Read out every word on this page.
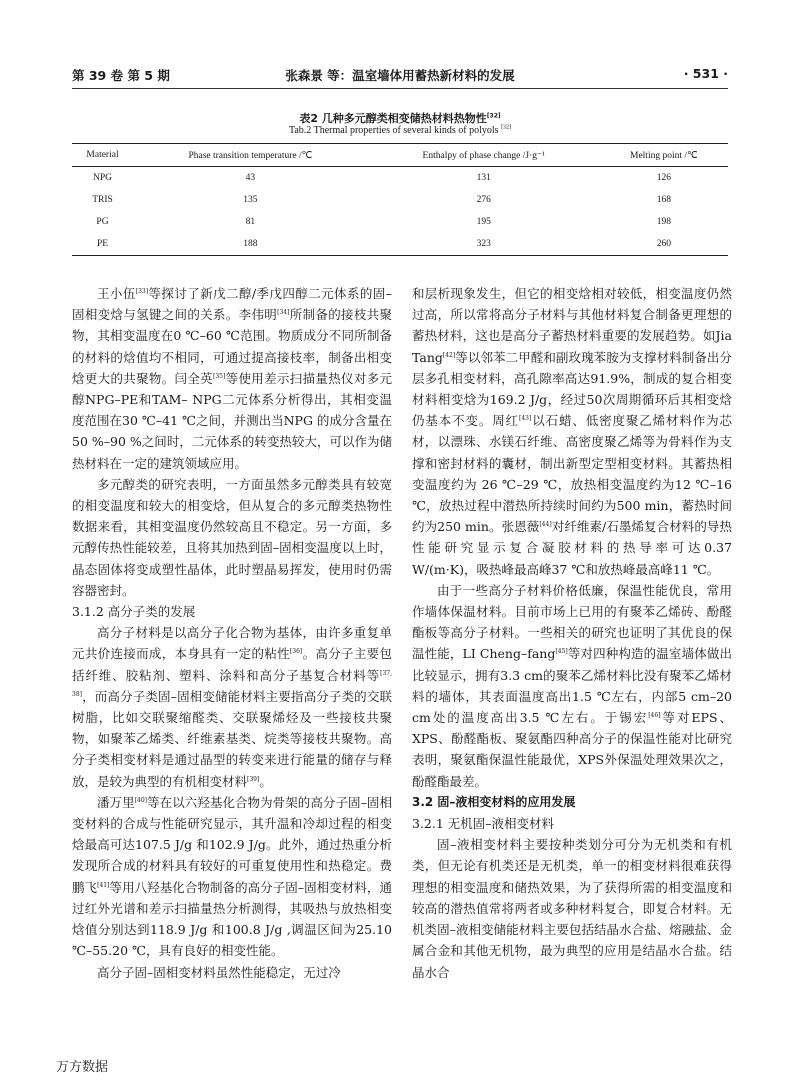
第 39 卷 第 5 期	张森景 等：温室墙体用蓄热新材料的发展	· 531 ·
表2 几种多元醇类相变储热材料热物性[32]
Tab.2 Thermal properties of several kinds of polyols [32]
Material	Phase transition temperature /℃	Enthalpy of phase change /J·g⁻¹	Melting point /℃
NPG	43	131	126
TRIS	135	276	168
PG	81	195	198
PE	188	323	260

王小伍[33]等探讨了新戊二醇/季戊四醇二元体系的固–固相变焓与氢键之间的关系。李伟明[34]所制备的接枝共聚物，其相变温度在0 ℃–60 ℃范围。物质成分不同所制备的材料的焓值均不相同，可通过提高接枝率，制备出相变焓更大的共聚物。闫全英[35]等使用差示扫描量热仪对多元醇NPG–PE和TAM– NPG二元体系分析得出，其相变温度范围在30 ℃–41 ℃之间，并测出当NPG 的成分含量在50 %–90 %之间时，二元体系的转变热较大，可以作为储热材料在一定的建筑领域应用。

多元醇类的研究表明，一方面虽然多元醇类具有较宽的相变温度和较大的相变焓，但从复合的多元醇类热物性数据来看，其相变温度仍然较高且不稳定。另一方面，多元醇传热性能较差，且将其加热到固–固相变温度以上时，晶态固体将变成塑性晶体，此时塑晶易挥发，使用时仍需容器密封。

3.1.2 高分子类的发展

高分子材料是以高分子化合物为基体，由许多重复单元共价连接而成，本身具有一定的粘性[36]。高分子主要包括纤维、胶粘剂、塑料、涂料和高分子基复合材料等[37, 38]，而高分子类固–固相变储能材料主要指高分子类的交联树脂，比如交联聚缩醛类、交联聚烯烃及一些接枝共聚物，如聚苯乙烯类、纤维素基类、烷类等接枝共聚物。高分子类相变材料是通过晶型的转变来进行能量的储存与释放，是较为典型的有机相变材料[39]。

潘万里[40]等在以六羟基化合物为骨架的高分子固–固相变材料的合成与性能研究显示，其升温和冷却过程的相变焓最高可达107.5 J/g 和102.9 J/g。此外，通过热重分析发现所合成的材料具有较好的可重复使用性和热稳定。费鹏飞[41]等用八羟基化合物制备的高分子固–固相变材料，通过红外光谱和差示扫描量热分析测得，其吸热与放热相变焓值分别达到118.9 J/g 和100.8 J/g ,调温区间为25.10 ℃–55.20 ℃，具有良好的相变性能。

高分子固–固相变材料虽然性能稳定，无过冷

和层析现象发生，但它的相变焓相对较低，相变温度仍然过高，所以常将高分子材料与其他材料复合制备更理想的蓄热材料，这也是高分子蓄热材料重要的发展趋势。如Jia Tang[42]等以邻苯二甲醛和副玫瑰苯胺为支撑材料制备出分层多孔相变材料，高孔隙率高达91.9%，制成的复合相变材料相变焓为169.2 J/g，经过50次周期循环后其相变焓仍基本不变。周红[43]以石蜡、低密度聚乙烯材料作为芯材，以漂珠、水镁石纤维、高密度聚乙烯等为骨料作为支撑和密封材料的囊材，制出新型定型相变材料。其蓄热相变温度约为 26 ℃–29 ℃，放热相变温度约为12 ℃–16 ℃，放热过程中潜热所持续时间约为500 min，蓄热时间约为250 min。张恩薇[44]对纤维素/石墨烯复合材料的导热性能研究显示复合凝胶材料的热导率可达0.37 W/(m·K)，吸热峰最高峰37 ℃和放热峰最高峰11 ℃。

由于一些高分子材料价格低廉，保温性能优良，常用作墙体保温材料。目前市场上已用的有聚苯乙烯砖、酚醛酯板等高分子材料。一些相关的研究也证明了其优良的保温性能，LI Cheng–fang[45]等对四种构造的温室墙体做出比较显示，拥有3.3 cm的聚苯乙烯材料比没有聚苯乙烯材料的墙体，其表面温度高出1.5 ℃左右，内部5 cm–20 cm处的温度高出3.5 ℃左右。于锡宏[46]等对EPS、XPS、酚醛酯板、聚氨酯四种高分子的保温性能对比研究表明，聚氨酯保温性能最优，XPS外保温处理效果次之，酚醛酯最差。

3.2 固–液相变材料的应用发展

3.2.1 无机固–液相变材料

固–液相变材料主要按种类划分可分为无机类和有机类，但无论有机类还是无机类，单一的相变材料很难获得理想的相变温度和储热效果，为了获得所需的相变温度和较高的潜热值常将两者或多种材料复合，即复合材料。无机类固–液相变储能材料主要包括结晶水合盐、熔融盐、金属合金和其他无机物，最为典型的应用是结晶水合盐。结晶水合

万方数据
